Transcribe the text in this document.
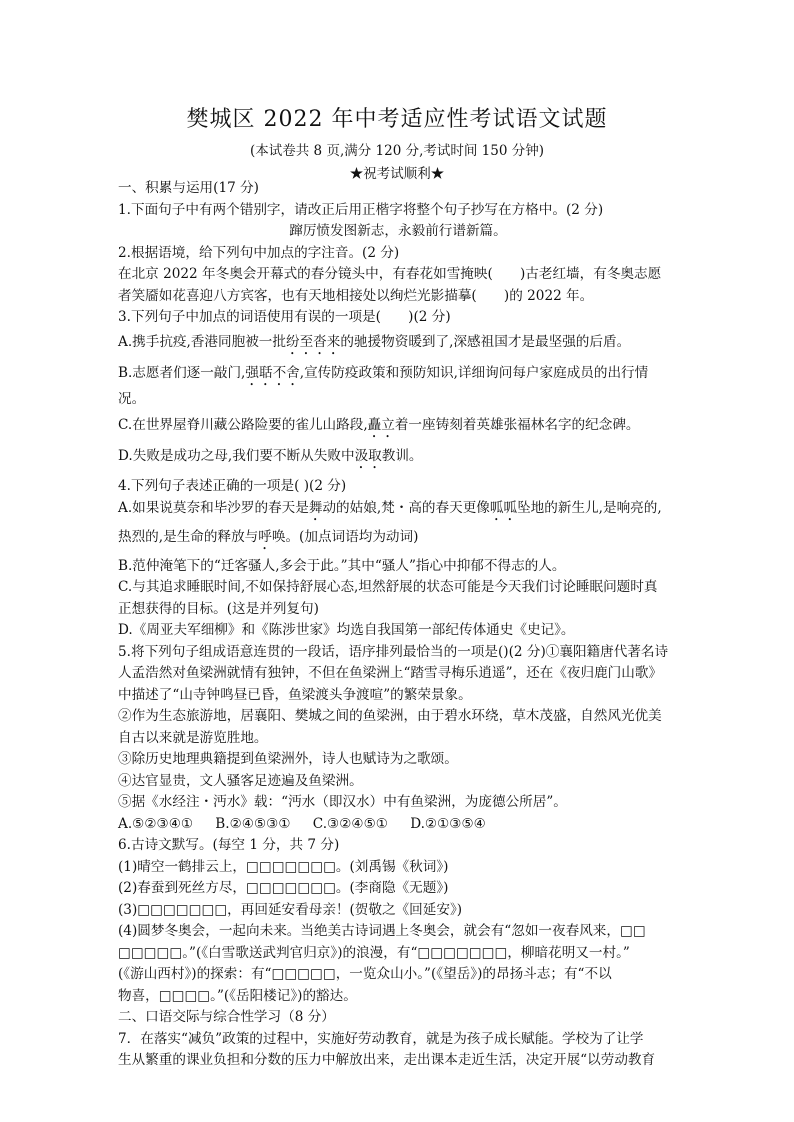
樊城区 2022 年中考适应性考试语文试题
(本试卷共 8 页,满分 120 分,考试时间 150 分钟)
★祝考试顺利★

一、积累与运用(17 分)

1.下面句子中有两个错别字，请改正后用正楷字将整个句子抄写在方格中。(2 分)

蹿厉愤发图新志，永毅前行谱新篇。

2.根据语境，给下列句中加点的字注音。(2 分)

在北京 2022 年冬奥会开幕式的春分镜头中，有春花如雪掩映(　　)古老红墙，有冬奥志愿

者笑靥如花喜迎八方宾客，也有天地相接处以绚烂光影描摹(　　)的 2022 年。

3.下列句子中加点的词语使用有误的一项是(　　)(2 分)

A.携手抗疫,香港同胞被一批纷至沓来的驰援物资暖到了,深感祖国才是最坚强的后盾。

B.志愿者们逐一敲门,强聒不舍,宣传防疫政策和预防知识,详细询问每户家庭成员的出行情

况。

C.在世界屋脊川藏公路险要的雀儿山路段,矗立着一座铸刻着英雄张福林名字的纪念碑。

D.失败是成功之母,我们要不断从失败中汲取教训。

4.下列句子表述正确的一项是( )(2 分)

A.如果说莫奈和毕沙罗的春天是舞动的姑娘,梵・高的春天更像呱呱坠地的新生儿,是响亮的,

热烈的,是生命的释放与呼唤。(加点词语均为动词)

B.范仲淹笔下的“迁客骚人,多会于此。”其中“骚人”指心中抑郁不得志的人。

C.与其追求睡眠时间,不如保持舒展心态,坦然舒展的状态可能是今天我们讨论睡眠问题时真

正想获得的目标。(这是并列复句)

D.《周亚夫军细柳》和《陈涉世家》均选自我国第一部纪传体通史《史记》。

5.将下列句子组成语意连贯的一段话，语序排列最恰当的一项是()(2 分)①襄阳籍唐代著名诗

人孟浩然对鱼梁洲就情有独钟，不但在鱼梁洲上“踏雪寻梅乐逍遥”，还在《夜归鹿门山歌》

中描述了“山寺钟鸣昼已昏，鱼梁渡头争渡喧”的繁荣景象。

②作为生态旅游地，居襄阳、樊城之间的鱼梁洲，由于碧水环绕，草木茂盛，自然风光优美

自古以来就是游览胜地。

③除历史地理典籍提到鱼梁洲外，诗人也赋诗为之歌颂。

④达官显贵，文人骚客足迹遍及鱼梁洲。

⑤据《水经注・沔水》载：“沔水（即汉水）中有鱼梁洲，为庞德公所居”。

A.⑤②③④①　  B.②④⑤③①　  C.③②④⑤①　  D.②①③⑤④

6.古诗文默写。(每空 1 分，共 7 分)

(1)晴空一鹤排云上，□□□□□□□。(刘禹锡《秋词》)

(2)春蚕到死丝方尽，□□□□□□□。(李商隐《无题》)

(3)□□□□□□□，再回延安看母亲！(贺敬之《回延安》)

(4)圆梦冬奥会，一起向未来。当绝美古诗词遇上冬奥会，就会有“忽如一夜春风来，□□

□□□□□。”(《白雪歌送武判官归京》)的浪漫，有“□□□□□□□，柳暗花明又一村。”

(《游山西村》)的探索：有“□□□□□，一览众山小。”(《望岳》)的昂扬斗志；有“不以

物喜，□□□□。”(《岳阳楼记》)的豁达。

二、口语交际与综合性学习（8 分）

7．在落实“减负”政策的过程中，实施好劳动教育，就是为孩子成长赋能。学校为了让学

生从繁重的课业负担和分数的压力中解放出来，走出课本走近生活，决定开展“以劳动教育
